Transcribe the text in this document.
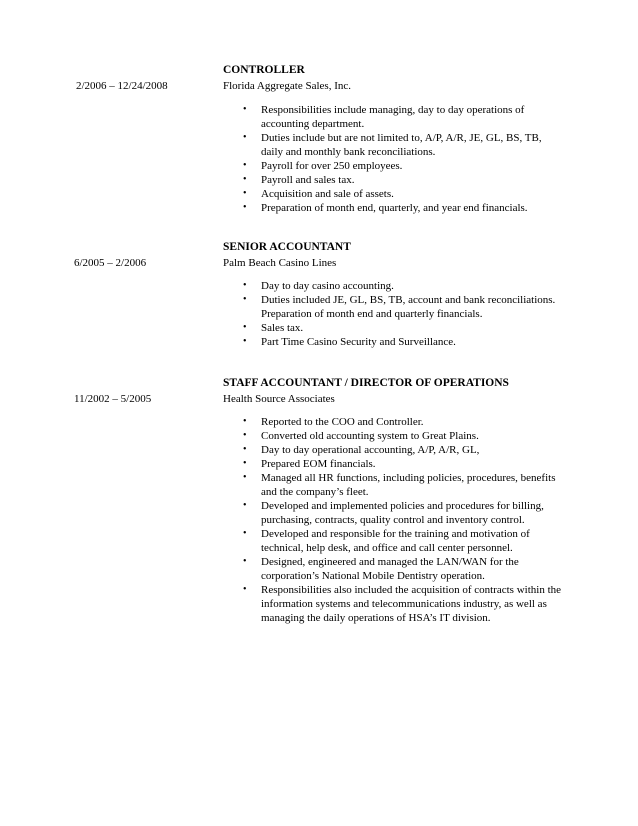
CONTROLLER
2/2006 – 12/24/2008	Florida Aggregate Sales, Inc.
• Responsibilities include managing, day to day operations of accounting department.
• Duties include but are not limited to, A/P, A/R, JE, GL, BS, TB, daily and monthly bank reconciliations.
• Payroll for over 250 employees.
• Payroll and sales tax.
• Acquisition and sale of assets.
• Preparation of month end, quarterly, and year end financials.
SENIOR ACCOUNTANT
6/2005 – 2/2006	Palm Beach Casino Lines
• Day to day casino accounting.
• Duties included JE, GL, BS, TB, account and bank reconciliations. Preparation of month end and quarterly financials.
• Sales tax.
• Part Time Casino Security and Surveillance.
STAFF ACCOUNTANT / DIRECTOR OF OPERATIONS
11/2002 – 5/2005	Health Source Associates
• Reported to the COO and Controller.
• Converted old accounting system to Great Plains.
• Day to day operational accounting, A/P, A/R, GL,
• Prepared EOM financials.
• Managed all HR functions, including policies, procedures, benefits and the company’s fleet.
• Developed and implemented policies and procedures for billing, purchasing, contracts, quality control and inventory control.
• Developed and responsible for the training and motivation of technical, help desk, and office and call center personnel.
• Designed, engineered and managed the LAN/WAN for the corporation’s National Mobile Dentistry operation.
• Responsibilities also included the acquisition of contracts within the information systems and telecommunications industry, as well as managing the daily operations of HSA’s IT division.
